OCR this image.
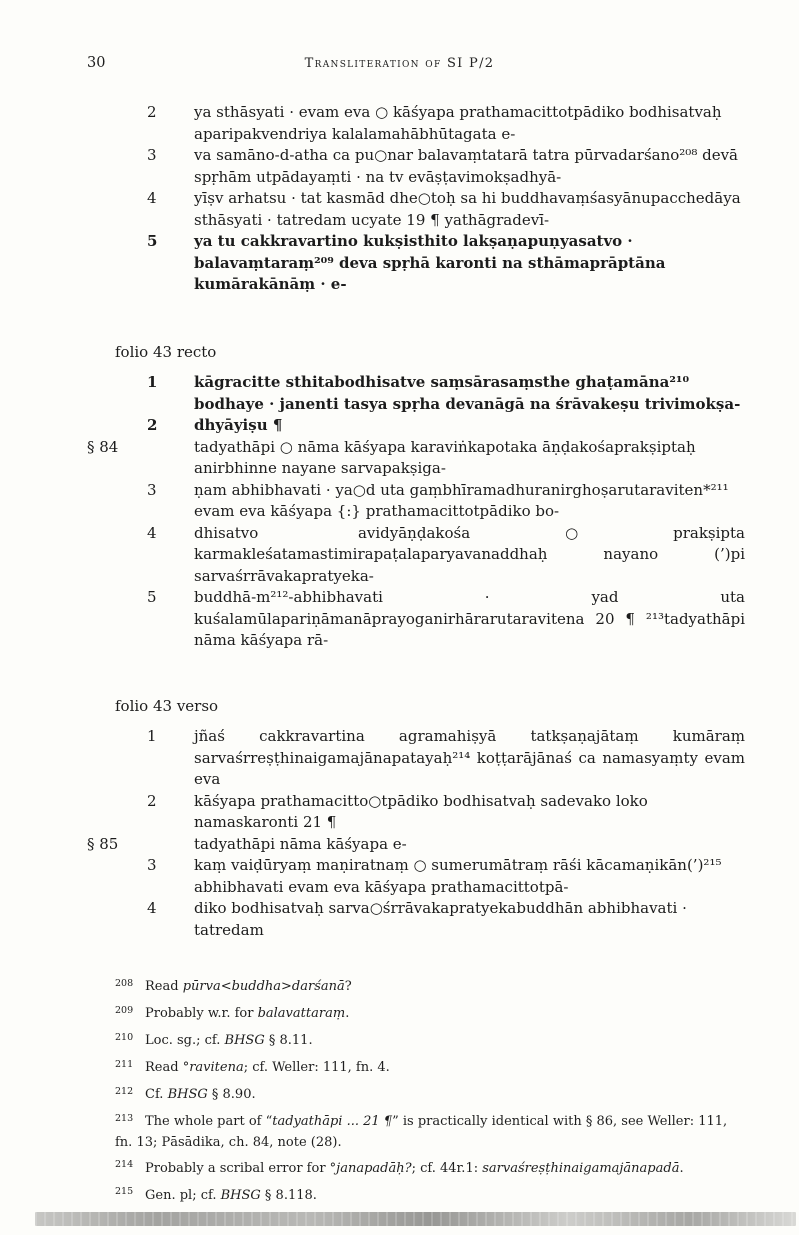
30	Transliteration of SI P/2
2	ya sthāsyati · evam eva ○ kāśyapa prathamacittotpādiko bodhisatvaḥ aparipakvendriya kalalamahābhūtagata e-
3	va samāno-d-atha ca pu○nar balavaṃtatarā tatra pūrvadarśano²⁰⁸ devā spṛhām utpādayaṃti · na tv evāṣṭavimokṣadhyā-
4	yīṣv arhatsu · tat kasmād dhe○toḥ sa hi buddhavaṃśasyānupacchedāya sthāsyati · tatredam ucyate 19 ¶ yathāgradevī-
5	ya tu cakkravartino kukṣisthito lakṣaṇapuṇyasatvo · balavaṃtaraṃ²⁰⁹ deva spṛhā karonti na sthāmaprāptāna kumārakānāṃ · e-
folio 43 recto
1	kāgracitte sthitabodhisatve saṃsārasaṃsthe ghaṭamāna²¹⁰ bodhaye · janenti tasya spṛha devanāgā na śrāvakeṣu trivimokṣa-
2	dhyāyiṣu ¶
§ 84	tadyathāpi ○ nāma kāśyapa karaviṅkapotaka āṇḍakośaprakṣiptaḥ anirbhinne nayane sarvapakṣiga-
3	ṇam abhibhavati · ya○d uta gaṃbhīramadhuranirghoṣarutaraviten*²¹¹ evam eva kāśyapa {:} prathamacittotpādiko bo-
4	dhisatvo avidyāṇḍakośa○prakṣipta karmakleśatamastimirapaṭalaparyavanaddhaḥ nayano (’)pi sarvaśrrāvakapratyeka-
5	buddhā-m²¹²-abhibhavati · yad uta kuśalamūlapariṇāmanāprayoganirhārarutaravitena 20 ¶ ²¹³tadyathāpi nāma kāśyapa rā-
folio 43 verso
1	jñaś cakkravartina agramahiṣyā tatkṣaṇajātaṃ kumāraṃ sarvaśrreṣṭhinaigamajānapatayaḥ²¹⁴ koṭṭarājānaś ca namasyaṃty evam eva
2	kāśyapa prathamacitto○tpādiko bodhisatvaḥ sadevako loko namaskaronti 21 ¶
§ 85	tadyathāpi nāma kāśyapa e-
3	kaṃ vaiḍūryaṃ maṇiratnaṃ ○ sumerumātraṃ rāśi kācamaṇikān(’)²¹⁵ abhibhavati evam eva kāśyapa prathamacittotpā-
4	diko bodhisatvaḥ sarva○śrrāvakapratyekabuddhān abhibhavati · tatredam
208 Read pūrva<buddha>darśanā?
209 Probably w.r. for balavattaraṃ.
210 Loc. sg.; cf. BHSG § 8.11.
211 Read °ravitena; cf. Weller: 111, fn. 4.
212 Cf. BHSG § 8.90.
213 The whole part of “tadyathāpi ... 21 ¶” is practically identical with § 86, see Weller: 111, fn. 13; Pāsādika, ch. 84, note (28).
214 Probably a scribal error for °janapadāḥ?; cf. 44r.1: sarvaśreṣṭhinaigamajānapadā.
215 Gen. pl; cf. BHSG § 8.118.
